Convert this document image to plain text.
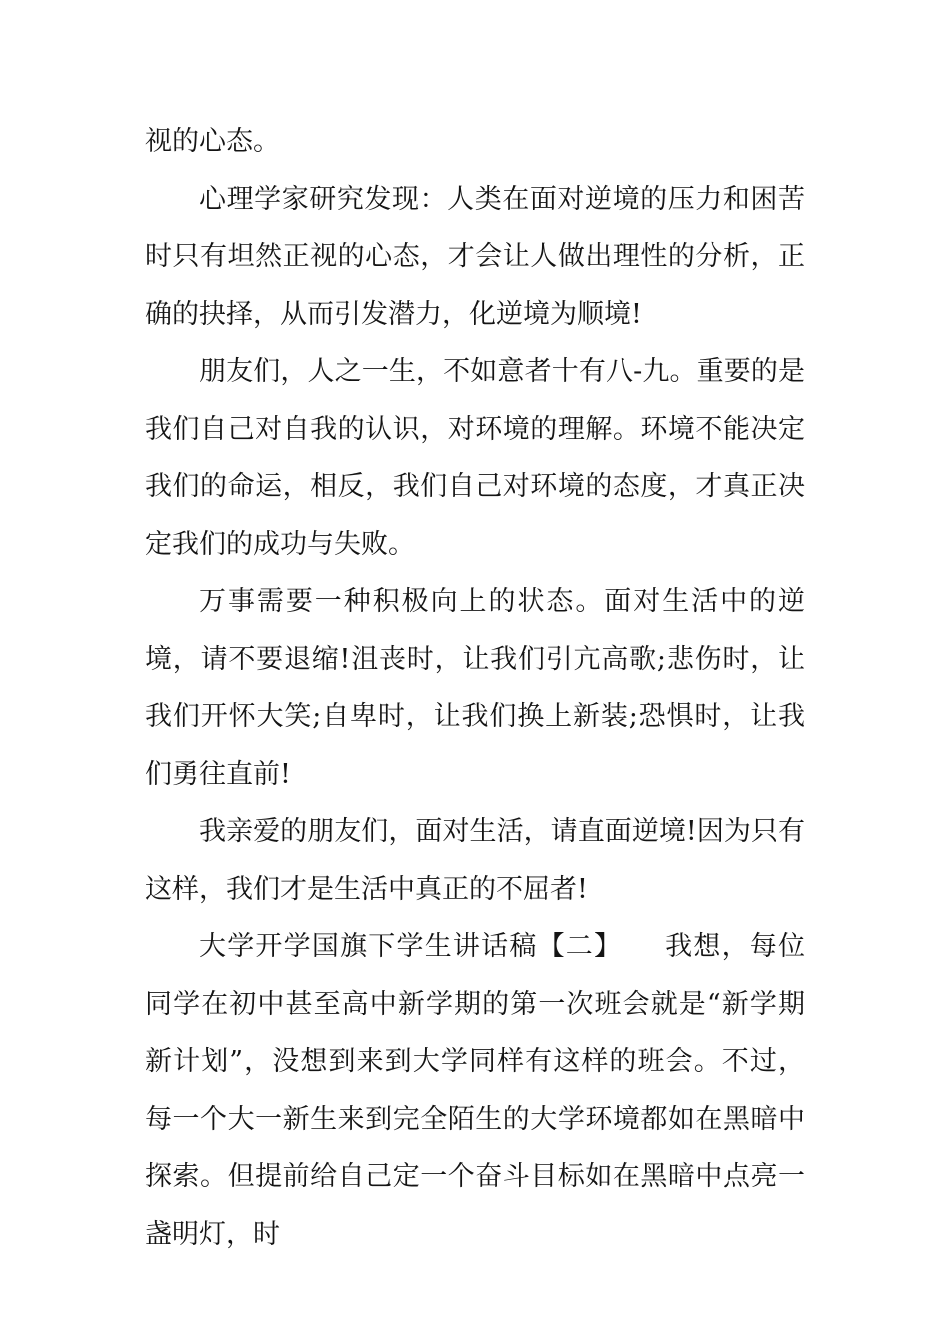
视的心态。

心理学家研究发现：人类在面对逆境的压力和困苦时只有坦然正视的心态，才会让人做出理性的分析，正确的抉择，从而引发潜力，化逆境为顺境!

朋友们，人之一生，不如意者十有八-九。重要的是我们自己对自我的认识，对环境的理解。环境不能决定我们的命运，相反，我们自己对环境的态度，才真正决定我们的成功与失败。

万事需要一种积极向上的状态。面对生活中的逆境，请不要退缩!沮丧时，让我们引亢高歌;悲伤时，让我们开怀大笑;自卑时，让我们换上新装;恐惧时，让我们勇往直前!

我亲爱的朋友们，面对生活，请直面逆境!因为只有这样，我们才是生活中真正的不屈者!

大学开学国旗下学生讲话稿【二】　　我想，每位同学在初中甚至高中新学期的第一次班会就是“新学期新计划”，没想到来到大学同样有这样的班会。不过，每一个大一新生来到完全陌生的大学环境都如在黑暗中探索。但提前给自己定一个奋斗目标如在黑暗中点亮一盏明灯，时
